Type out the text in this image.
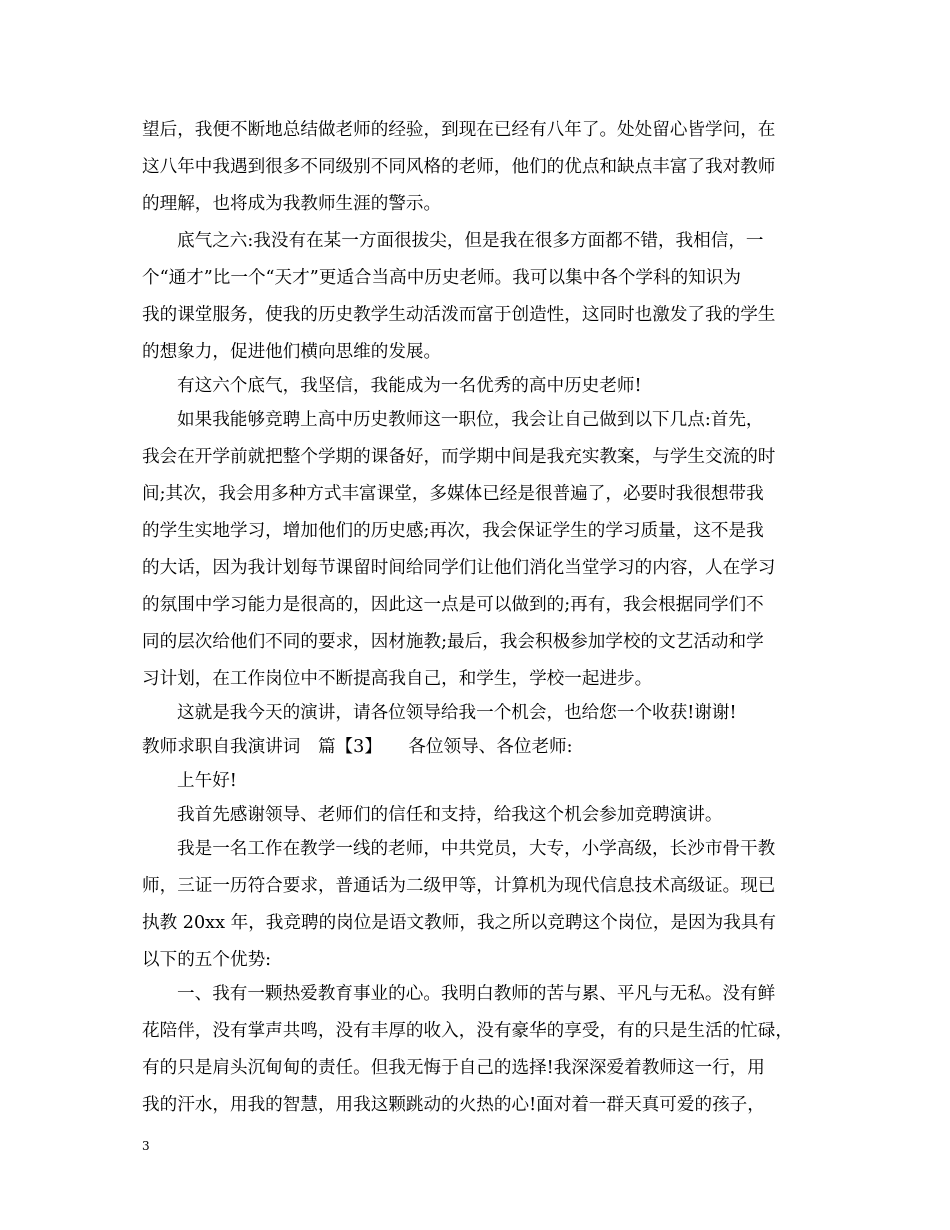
望后，我便不断地总结做老师的经验，到现在已经有八年了。处处留心皆学问，在
这八年中我遇到很多不同级别不同风格的老师，他们的优点和缺点丰富了我对教师
的理解，也将成为我教师生涯的警示。
底气之六:我没有在某一方面很拔尖，但是我在很多方面都不错，我相信，一
个“通才”比一个“天才”更适合当高中历史老师。我可以集中各个学科的知识为
我的课堂服务，使我的历史教学生动活泼而富于创造性，这同时也激发了我的学生
的想象力，促进他们横向思维的发展。
有这六个底气，我坚信，我能成为一名优秀的高中历史老师!
如果我能够竞聘上高中历史教师这一职位，我会让自己做到以下几点:首先，
我会在开学前就把整个学期的课备好，而学期中间是我充实教案，与学生交流的时
间;其次，我会用多种方式丰富课堂，多媒体已经是很普遍了，必要时我很想带我
的学生实地学习，增加他们的历史感;再次，我会保证学生的学习质量，这不是我
的大话，因为我计划每节课留时间给同学们让他们消化当堂学习的内容，人在学习
的氛围中学习能力是很高的，因此这一点是可以做到的;再有，我会根据同学们不
同的层次给他们不同的要求，因材施教;最后，我会积极参加学校的文艺活动和学
习计划，在工作岗位中不断提高我自己，和学生，学校一起进步。
这就是我今天的演讲，请各位领导给我一个机会，也给您一个收获!谢谢!
教师求职自我演讲词　篇【3】　　各位领导、各位老师:
上午好!
我首先感谢领导、老师们的信任和支持，给我这个机会参加竞聘演讲。
我是一名工作在教学一线的老师，中共党员，大专，小学高级，长沙市骨干教
师，三证一历符合要求，普通话为二级甲等，计算机为现代信息技术高级证。现已
执教 20xx 年，我竞聘的岗位是语文教师，我之所以竞聘这个岗位，是因为我具有
以下的五个优势:
一、我有一颗热爱教育事业的心。我明白教师的苦与累、平凡与无私。没有鲜
花陪伴，没有掌声共鸣，没有丰厚的收入，没有豪华的享受，有的只是生活的忙碌，
有的只是肩头沉甸甸的责任。但我无悔于自己的选择!我深深爱着教师这一行，用
我的汗水，用我的智慧，用我这颗跳动的火热的心!面对着一群天真可爱的孩子，
3
